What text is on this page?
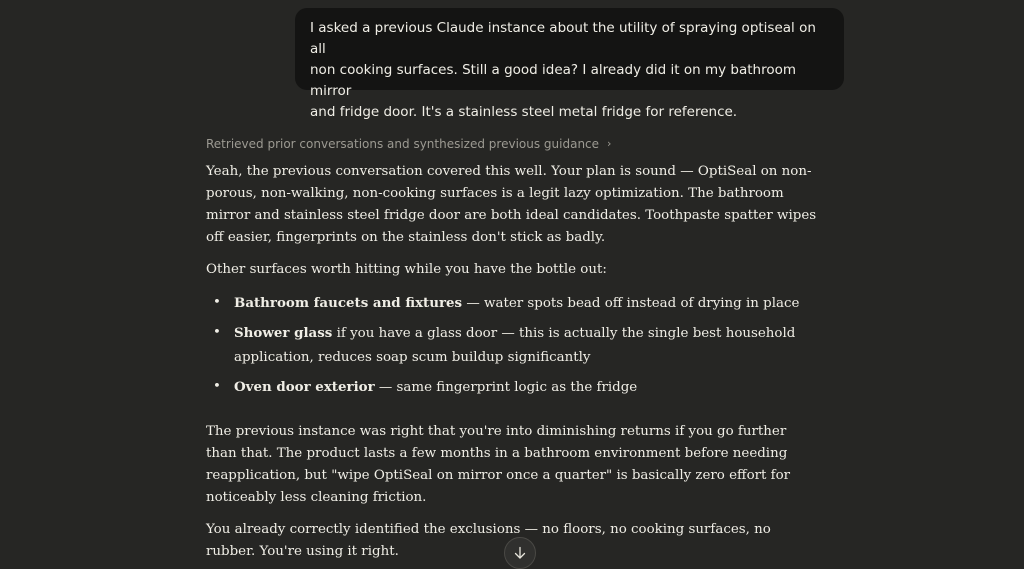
I asked a previous Claude instance about the utility of spraying optiseal on all

non cooking surfaces. Still a good idea? I already did it on my bathroom mirror

and fridge door. It's a stainless steel metal fridge for reference.

Retrieved prior conversations and synthesized previous guidance ›

Yeah, the previous conversation covered this well. Your plan is sound — OptiSeal on non-porous, non-walking, non-cooking surfaces is a legit lazy optimization. The bathroom mirror and stainless steel fridge door are both ideal candidates. Toothpaste spatter wipes off easier, fingerprints on the stainless don't stick as badly.

Other surfaces worth hitting while you have the bottle out:

• Bathroom faucets and fixtures — water spots bead off instead of drying in place
• Shower glass if you have a glass door — this is actually the single best household application, reduces soap scum buildup significantly
• Oven door exterior — same fingerprint logic as the fridge

The previous instance was right that you're into diminishing returns if you go further than that. The product lasts a few months in a bathroom environment before needing reapplication, but "wipe OptiSeal on mirror once a quarter" is basically zero effort for noticeably less cleaning friction.

You already correctly identified the exclusions — no floors, no cooking surfaces, no rubber. You're using it right.
